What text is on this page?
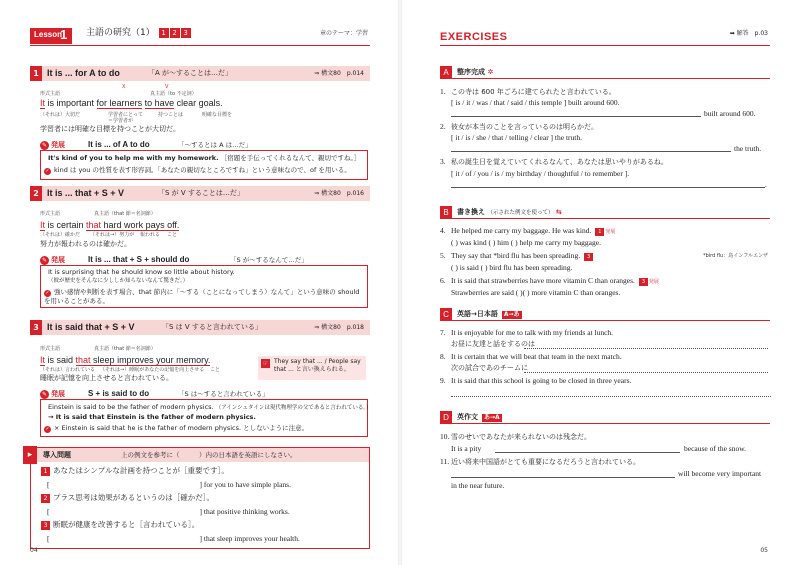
Lesson
1 主語の研究（1） 1 2 3	章のテーマ：学習
1 It is ... for A to do	「A が〜することは…だ」	⇒ 構文80　p.014
X	V
形式主語	真主語（to 不定詞）
It is important for learners to have clear goals.
（それは）大切だ	学習者にとって
＝学習者が
持つことは	明確な目標を
学習者には明確な目標を持つことが大切だ。
✎ 発展	It is ... of A to do	「〜するとは A は…だ」
It's kind of you to help me with my homework. ［宿題を手伝ってくれるなんて、親切ですね。］
✓ kind は you の性質を表す形容詞。「あなたの親切なところですね」という意味なので、of を用いる。
2 It is ... that + S + V	「S が V することは…だ」	⇒ 構文80　p.016
形式主語	真主語（that 節＝名詞節）
It is certain that hard work pays off.
（それは）確かだ （それは→）努力が 報われる こと
努力が報われるのは確かだ。
✎ 発展	It is ... that + S + should do	「S が〜するなんて…だ」
It is surprising that he should know so little about history.
（彼が歴史をそんなに少ししか知らないなんて驚きだ。）
✓ 強い感情や判断を表す場合、that 節内に「〜する（ことになってしまう）なんて」という意味の should を用いることがある。
3 It is said that + S + V	「S は V すると言われている」	⇒ 構文80　p.018
形式主語	真主語（that 節＝名詞節）
It is said that sleep improves your memory.
（それは）言われている （それは→）睡眠があなたの記憶を向上させる こと
睡眠が記憶を向上させると言われている。
☞ They say that ... / People say that ... と言い換えられる。
✎ 発展	S + is said to do	「S は〜すると言われている」
Einstein is said to be the father of modern physics. （アインシュタインは現代物理学の父であると言われている。）
→ It is said that Einstein is the father of modern physics.
✓ × Einstein is said that he is the father of modern physics. としないように注意。
▸	導入問題	上の例文を参考に（　　　）内の日本語を英語にしなさい。
1 あなたはシンプルな計画を持つことが［重要です］。
[	] for you to have simple plans.
2 プラス思考は効果があるというのは［確かだ］。
[	] that positive thinking works.
3 断眠が健康を改善すると［言われている］。
[	] that sleep improves your health.
04
EXERCISES	➡ 解答　p.03
A	整序完成 ✲
1. この寺は 600 年ごろに建てられたと言われている。
[ is / it / was / that / said / this temple ] built around 600.
built around 600.
2. 彼女が本当のことを言っているのは明らかだ。
[ it / is / she / that / telling / clear ] the truth.
the truth.
3. 私の誕生日を覚えていてくれるなんて、あなたは思いやりがあるね。
[ it / of / you / is / my birthday / thoughtful / to remember ].
.
B	書き換え （示された例文を使って） ⇆
4. He helped me carry my baggage. He was kind. 1 発展
( ) was kind ( ) him ( ) help me carry my baggage.
5. They say that *bird flu has been spreading. 3	*bird flu：鳥インフルエンザ
( ) is said ( ) bird flu has been spreading.
6. It is said that strawberries have more vitamin C than oranges. 3 発展
Strawberries are said ( )( ) more vitamin C than oranges.
C	英語→日本語 A→あ
7. It is enjoyable for me to talk with my friends at lunch.
お昼に友達と話をするのは
8. It is certain that we will beat that team in the next match.
次の試合であのチームに
9. It is said that this school is going to be closed in three years.
D	英作文 あ→A
10. 雪のせいであなたが来られないのは残念だ。
It is a pity	because of the snow.
11. 近い将来中国語がとても重要になるだろうと言われている。
will become very important
in the near future.
05
